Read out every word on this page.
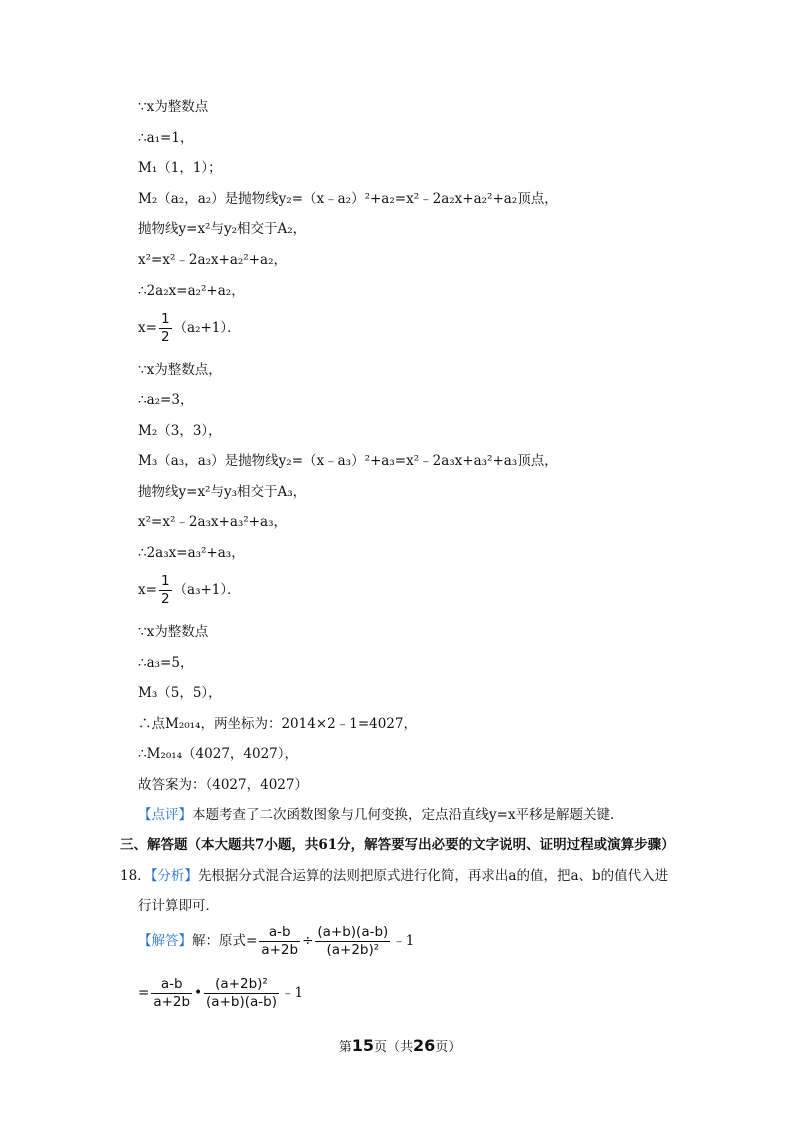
∵x为整数点
∴a₁=1，
M₁（1，1）；
M₂（a₂，a₂）是抛物线y₂=（x﹣a₂）²+a₂=x²﹣2a₂x+a₂²+a₂顶点，
抛物线y=x²与y₂相交于A₂，
x²=x²﹣2a₂x+a₂²+a₂，
∴2a₂x=a₂²+a₂，
$x= \frac{1}{2} (a_2+1)$．
∵x为整数点，
∴a₂=3，
M₂（3，3），
M₃（a₃，a₃）是抛物线y₂=（x﹣a₃）²+a₃=x²﹣2a₃x+a₃²+a₃顶点，
抛物线y=x²与y₃相交于A₃，
x²=x²﹣2a₃x+a₃²+a₃，
∴2a₃x=a₃²+a₃，
$x= \frac{1}{2} (a_3+1)$．
∵x为整数点
∴a₃=5，
M₃（5，5），
∴点M₂₀₁₄，两坐标为：2014×2﹣1=4027，
∴M₂₀₁₄（4027，4027），
故答案为：（4027，4027）
【点评】本题考查了二次函数图象与几何变换，定点沿直线y=x平移是解题关键．
三、解答题（本大题共7小题，共61分，解答要写出必要的文字说明、证明过程或演算步骤）
18．【分析】先根据分式混合运算的法则把原式进行化简，再求出a的值，把a、b的值代入进
行计算即可．
【解答】解：原式= $\frac{a-b}{a+2b} \div \frac{(a+b)(a-b)}{\text{(a+2b)²}}$ ﹣1
= $\frac{a-b}{a+2b}$ • $\frac{\text{(a+2b)²}}{(a+b)(a-b)}$ ﹣1
第15页（共26页）
